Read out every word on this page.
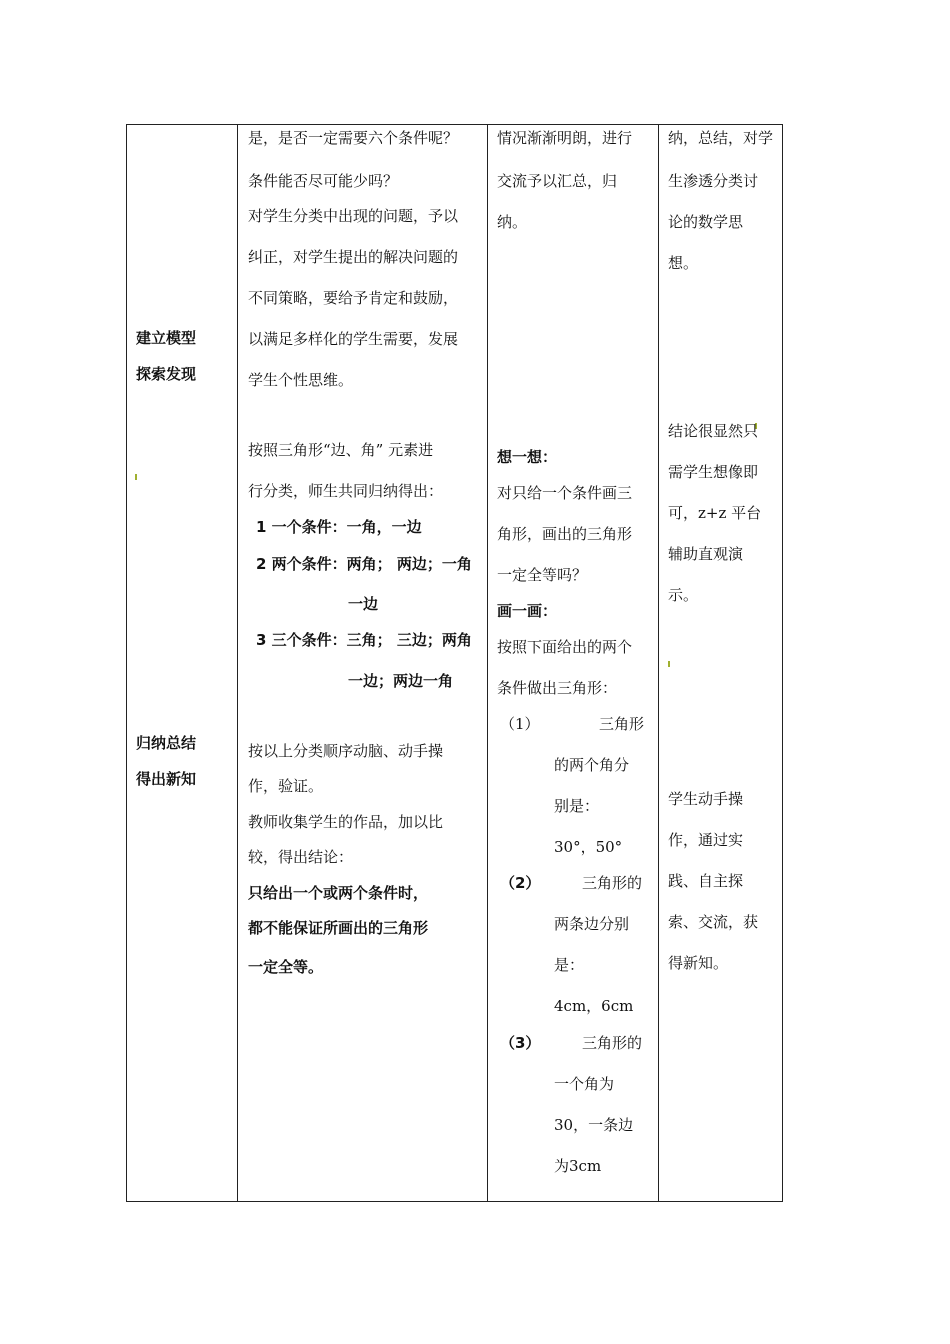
建立模型
探索发现
归纳总结
得出新知

是，是否一定需要六个条件呢？
条件能否尽可能少吗？
对学生分类中出现的问题，予以
纠正，对学生提出的解决问题的
不同策略，要给予肯定和鼓励，
以满足多样化的学生需要，发展
学生个性思维。
按照三角形“边、角” 元素进
行分类，师生共同归纳得出：
1 一个条件：一角，一边
2 两个条件：两角； 两边；一角
一边
3 三个条件：三角； 三边；两角
一边；两边一角
按以上分类顺序动脑、动手操
作，验证。
教师收集学生的作品，加以比
较，得出结论：
只给出一个或两个条件时，
都不能保证所画出的三角形
一定全等。

情况渐渐明朗，进行
交流予以汇总，归
纳。
想一想：
对只给一个条件画三
角形，画出的三角形
一定全等吗？
画一画：
按照下面给出的两个
条件做出三角形：
（1）	三角形
的两个角分
别是：
30°，50°
（2）	三角形的
两条边分别
是：
4cm，6cm
（3）	三角形的
一个角为
30，一条边
为3cm

纳，总结，对学
生渗透分类讨
论的数学思
想。
结论很显然只
需学生想像即
可，z+z 平台
辅助直观演
示。
学生动手操
作，通过实
践、自主探
索、交流，获
得新知。
